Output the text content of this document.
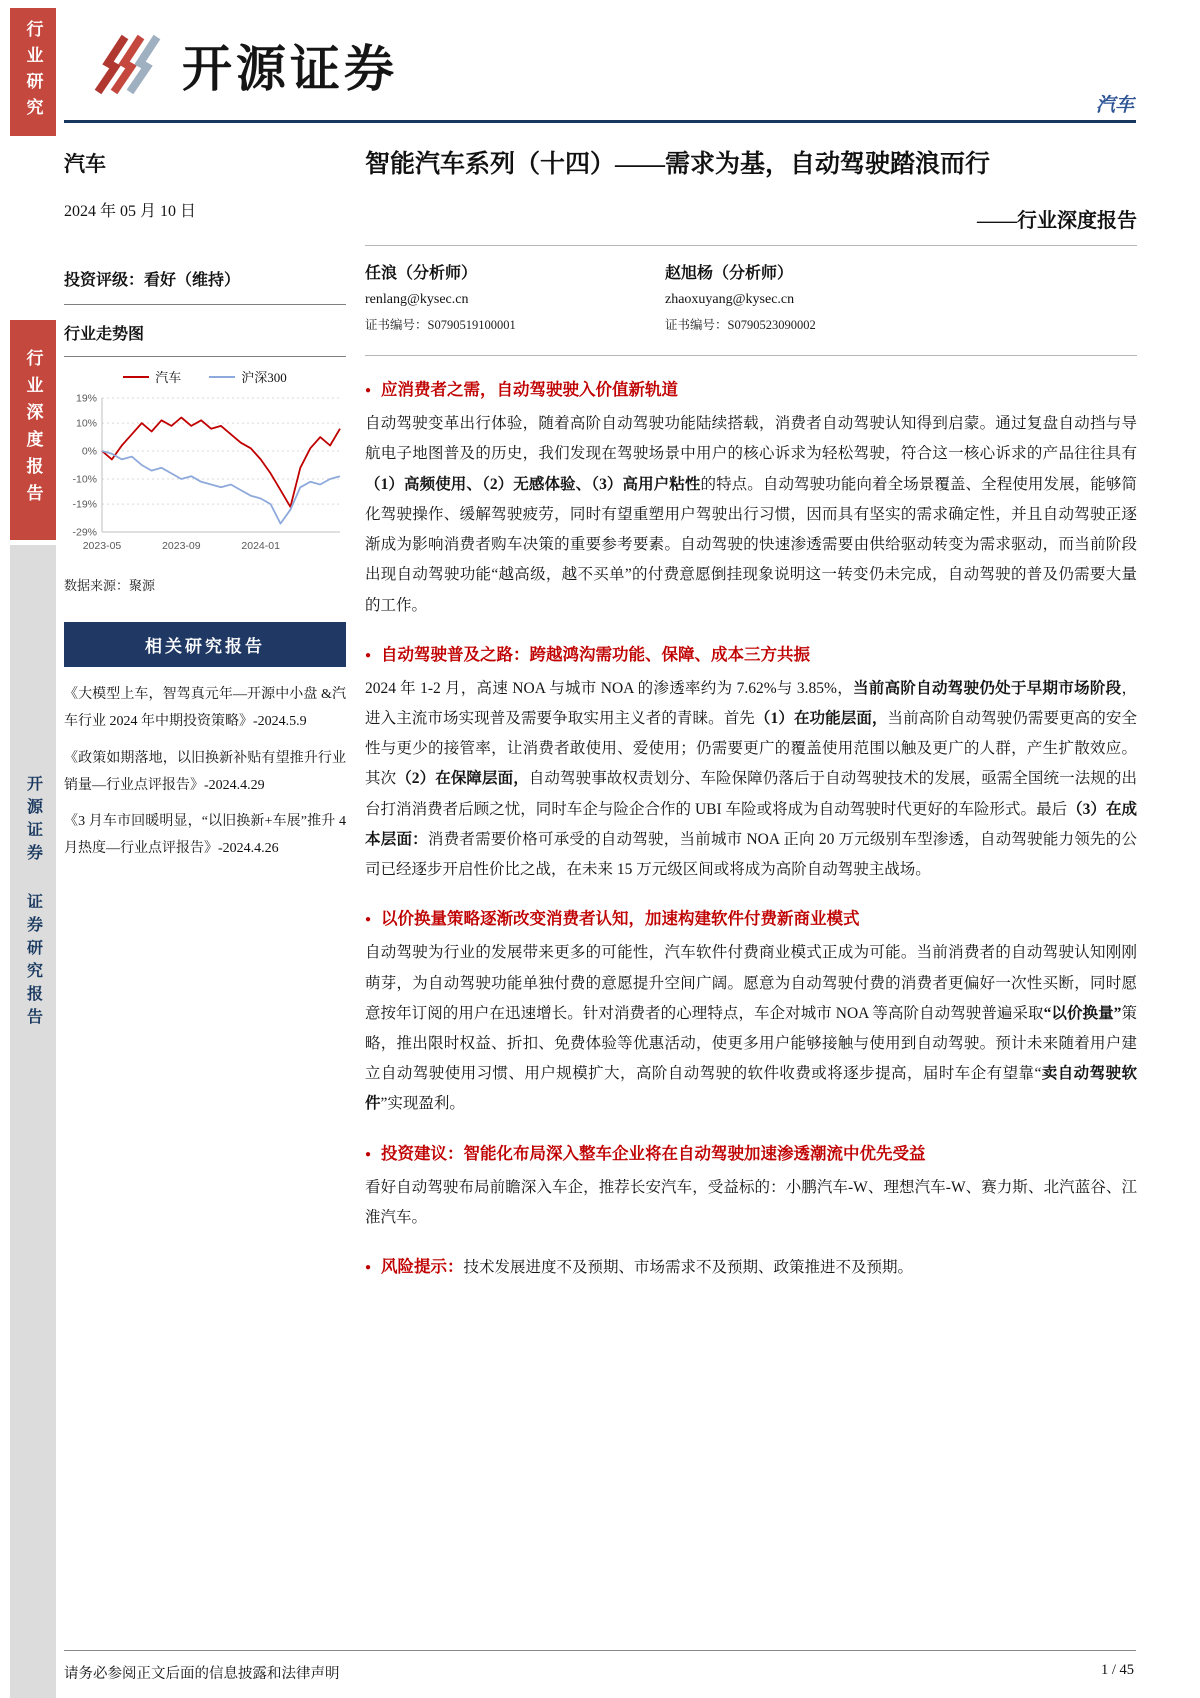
行业研究
行业深度报告
开源证券
证券研究报告
开源证券
汽车
汽车
2024 年 05 月 10 日
投资评级：看好（维持）
行业走势图
汽车	沪深300
19%
10%
0%
-10%
-19%
-29%
2023-05	2023-09	2024-01
数据来源：聚源
相关研究报告
《大模型上车，智驾真元年—开源中小盘 &汽车行业 2024 年中期投资策略》-2024.5.9
《政策如期落地，以旧换新补贴有望推升行业销量—行业点评报告》-2024.4.29
《3 月车市回暖明显，“以旧换新+车展”推升 4 月热度—行业点评报告》-2024.4.26
智能汽车系列（十四）——需求为基，自动驾驶踏浪而行
——行业深度报告
任浪（分析师）
renlang@kysec.cn
证书编号：S0790519100001
赵旭杨（分析师）
zhaoxuyang@kysec.cn
证书编号：S0790523090002
● 应消费者之需，自动驾驶驶入价值新轨道
自动驾驶变革出行体验，随着高阶自动驾驶功能陆续搭载，消费者自动驾驶认知得到启蒙。通过复盘自动挡与导航电子地图普及的历史，我们发现在驾驶场景中用户的核心诉求为轻松驾驶，符合这一核心诉求的产品往往具有（1）高频使用、（2）无感体验、（3）高用户粘性的特点。自动驾驶功能向着全场景覆盖、全程使用发展，能够简化驾驶操作、缓解驾驶疲劳，同时有望重塑用户驾驶出行习惯，因而具有坚实的需求确定性，并且自动驾驶正逐渐成为影响消费者购车决策的重要参考要素。自动驾驶的快速渗透需要由供给驱动转变为需求驱动，而当前阶段出现自动驾驶功能“越高级，越不买单”的付费意愿倒挂现象说明这一转变仍未完成，自动驾驶的普及仍需要大量的工作。
● 自动驾驶普及之路：跨越鸿沟需功能、保障、成本三方共振
2024 年 1-2 月，高速 NOA 与城市 NOA 的渗透率约为 7.62%与 3.85%，当前高阶自动驾驶仍处于早期市场阶段，进入主流市场实现普及需要争取实用主义者的青睐。首先（1）在功能层面，当前高阶自动驾驶仍需要更高的安全性与更少的接管率，让消费者敢使用、爱使用；仍需要更广的覆盖使用范围以触及更广的人群，产生扩散效应。其次（2）在保障层面，自动驾驶事故权责划分、车险保障仍落后于自动驾驶技术的发展，亟需全国统一法规的出台打消消费者后顾之忧，同时车企与险企合作的 UBI 车险或将成为自动驾驶时代更好的车险形式。最后（3）在成本层面：消费者需要价格可承受的自动驾驶，当前城市 NOA 正向 20 万元级别车型渗透，自动驾驶能力领先的公司已经逐步开启性价比之战，在未来 15 万元级区间或将成为高阶自动驾驶主战场。
● 以价换量策略逐渐改变消费者认知，加速构建软件付费新商业模式
自动驾驶为行业的发展带来更多的可能性，汽车软件付费商业模式正成为可能。当前消费者的自动驾驶认知刚刚萌芽，为自动驾驶功能单独付费的意愿提升空间广阔。愿意为自动驾驶付费的消费者更偏好一次性买断，同时愿意按年订阅的用户在迅速增长。针对消费者的心理特点，车企对城市 NOA 等高阶自动驾驶普遍采取“以价换量”策略，推出限时权益、折扣、免费体验等优惠活动，使更多用户能够接触与使用到自动驾驶。预计未来随着用户建立自动驾驶使用习惯、用户规模扩大，高阶自动驾驶的软件收费或将逐步提高，届时车企有望靠“卖自动驾驶软件”实现盈利。
● 投资建议：智能化布局深入整车企业将在自动驾驶加速渗透潮流中优先受益
看好自动驾驶布局前瞻深入车企，推荐长安汽车，受益标的：小鹏汽车-W、理想汽车-W、赛力斯、北汽蓝谷、江淮汽车。
● 风险提示：技术发展进度不及预期、市场需求不及预期、政策推进不及预期。
请务必参阅正文后面的信息披露和法律声明	1 / 45
